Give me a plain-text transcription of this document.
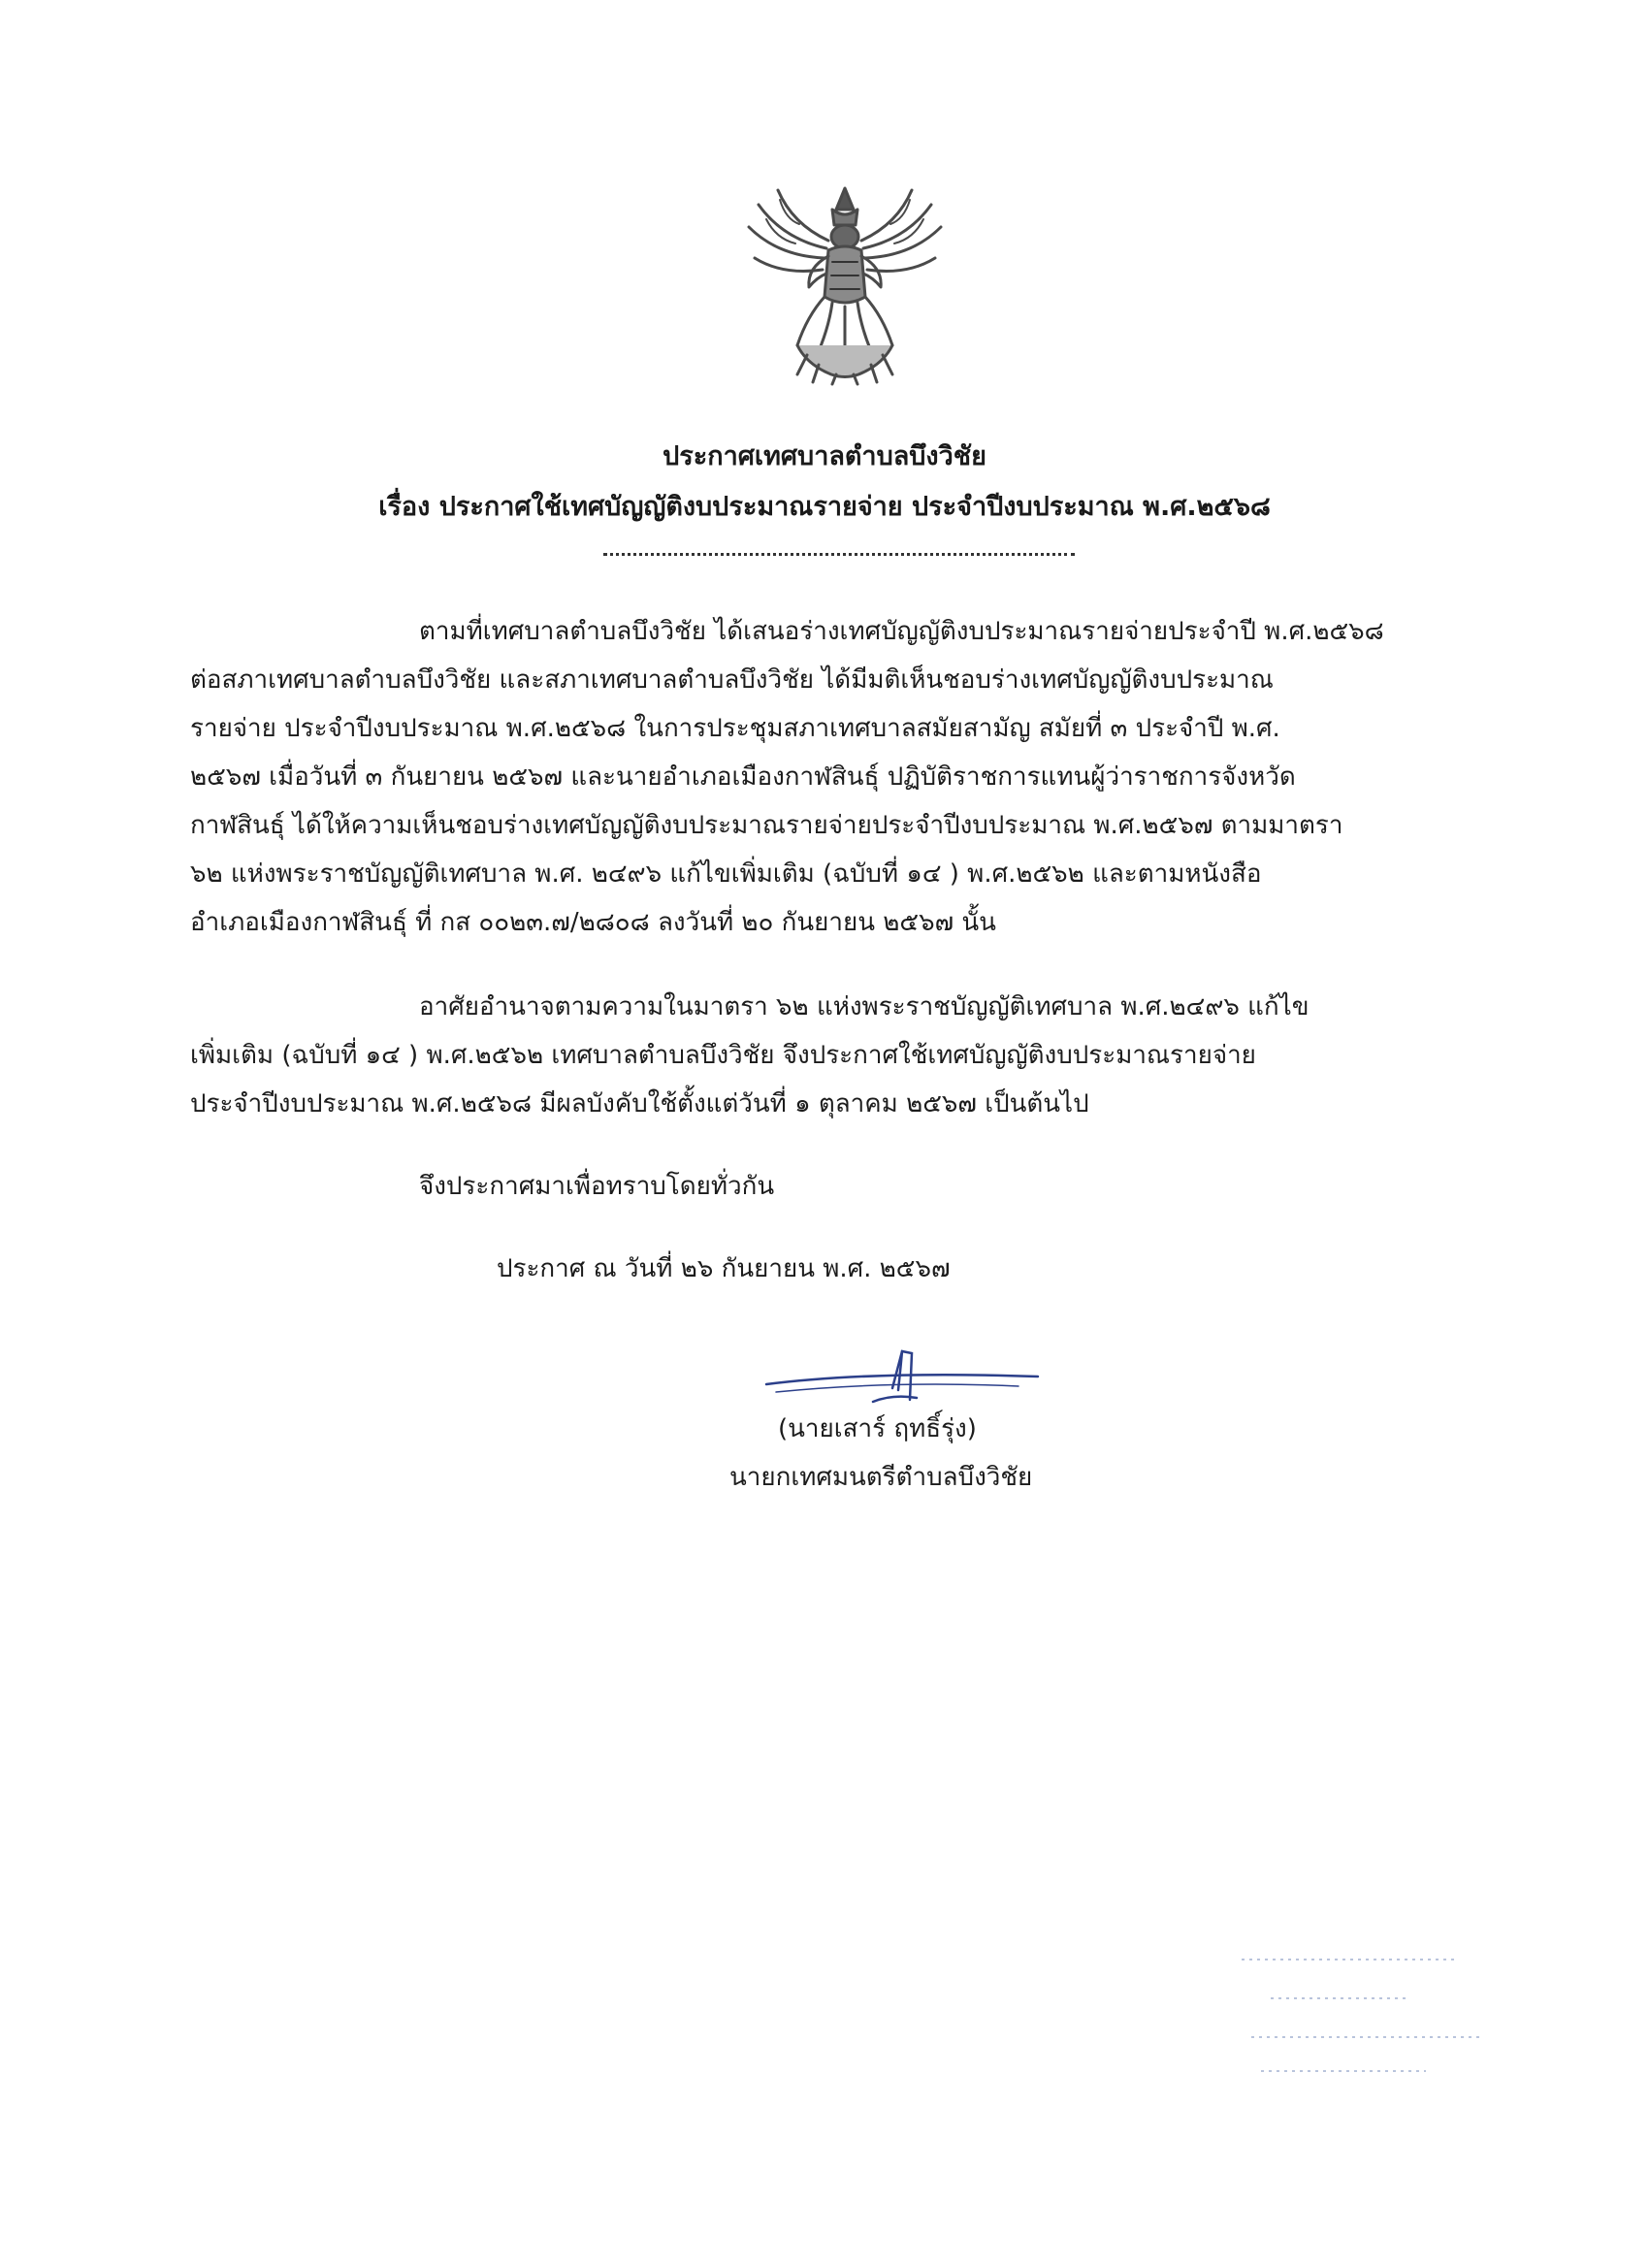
ประกาศเทศบาลตำบลบึงวิชัย
เรื่อง ประกาศใช้เทศบัญญัติงบประมาณรายจ่าย ประจำปีงบประมาณ พ.ศ.๒๕๖๘
ตามที่เทศบาลตำบลบึงวิชัย ได้เสนอร่างเทศบัญญัติงบประมาณรายจ่ายประจำปี พ.ศ.๒๕๖๘
ต่อสภาเทศบาลตำบลบึงวิชัย และสภาเทศบาลตำบลบึงวิชัย ได้มีมติเห็นชอบร่างเทศบัญญัติงบประมาณ
รายจ่าย ประจำปีงบประมาณ พ.ศ.๒๕๖๘ ในการประชุมสภาเทศบาลสมัยสามัญ สมัยที่ ๓ ประจำปี พ.ศ.
๒๕๖๗ เมื่อวันที่ ๓ กันยายน ๒๕๖๗ และนายอำเภอเมืองกาฬสินธุ์ ปฏิบัติราชการแทนผู้ว่าราชการจังหวัด
กาฬสินธุ์ ได้ให้ความเห็นชอบร่างเทศบัญญัติงบประมาณรายจ่ายประจำปีงบประมาณ พ.ศ.๒๕๖๗ ตามมาตรา
๖๒ แห่งพระราชบัญญัติเทศบาล พ.ศ. ๒๔๙๖ แก้ไขเพิ่มเติม (ฉบับที่ ๑๔ ) พ.ศ.๒๕๖๒ และตามหนังสือ
อำเภอเมืองกาฬสินธุ์ ที่ กส ๐๐๒๓.๗/๒๘๐๘ ลงวันที่ ๒๐ กันยายน ๒๕๖๗ นั้น
อาศัยอำนาจตามความในมาตรา ๖๒ แห่งพระราชบัญญัติเทศบาล พ.ศ.๒๔๙๖ แก้ไข
เพิ่มเติม (ฉบับที่ ๑๔ ) พ.ศ.๒๕๖๒ เทศบาลตำบลบึงวิชัย จึงประกาศใช้เทศบัญญัติงบประมาณรายจ่าย
ประจำปีงบประมาณ พ.ศ.๒๕๖๘ มีผลบังคับใช้ตั้งแต่วันที่ ๑ ตุลาคม ๒๕๖๗ เป็นต้นไป
จึงประกาศมาเพื่อทราบโดยทั่วกัน
ประกาศ ณ วันที่ ๒๖ กันยายน พ.ศ. ๒๕๖๗
(นายเสาร์ ฤทธิ์รุ่ง)
นายกเทศมนตรีตำบลบึงวิชัย
